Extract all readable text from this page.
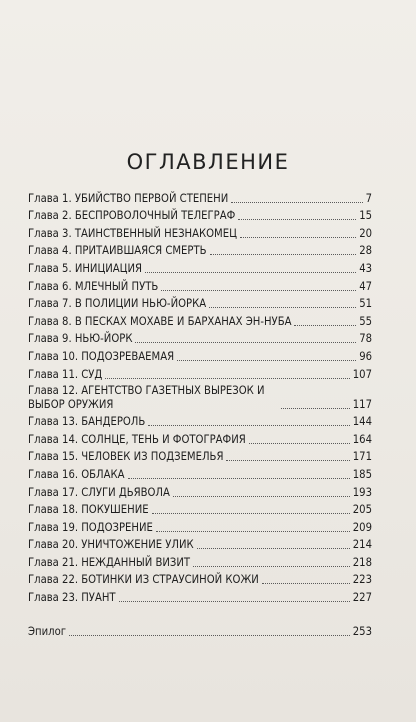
ОГЛАВЛЕНИЕ
Глава 1. УБИЙСТВО ПЕРВОЙ СТЕПЕНИ	7
Глава 2. БЕСПРОВОЛОЧНЫЙ ТЕЛЕГРАФ	15
Глава 3. ТАИНСТВЕННЫЙ НЕЗНАКОМЕЦ	20
Глава 4. ПРИТАИВШАЯСЯ СМЕРТЬ	28
Глава 5. ИНИЦИАЦИЯ	43
Глава 6. МЛЕЧНЫЙ ПУТЬ	47
Глава 7. В ПОЛИЦИИ НЬЮ-ЙОРКА	51
Глава 8. В ПЕСКАХ МОХАВЕ И БАРХАНАХ ЭН-НУБА	55
Глава 9. НЬЮ-ЙОРК	78
Глава 10. ПОДОЗРЕВАЕМАЯ	96
Глава 11. СУД	107
Глава 12. АГЕНТСТВО ГАЗЕТНЫХ ВЫРЕЗОК И ВЫБОР ОРУЖИЯ	117
Глава 13. БАНДЕРОЛЬ	144
Глава 14. СОЛНЦЕ, ТЕНЬ И ФОТОГРАФИЯ	164
Глава 15. ЧЕЛОВЕК ИЗ ПОДЗЕМЕЛЬЯ	171
Глава 16. ОБЛАКА	185
Глава 17. СЛУГИ ДЬЯВОЛА	193
Глава 18. ПОКУШЕНИЕ	205
Глава 19. ПОДОЗРЕНИЕ	209
Глава 20. УНИЧТОЖЕНИЕ УЛИК	214
Глава 21. НЕЖДАННЫЙ ВИЗИТ	218
Глава 22. БОТИНКИ ИЗ СТРАУСИНОЙ КОЖИ	223
Глава 23. ПУАНТ	227
Эпилог	253
